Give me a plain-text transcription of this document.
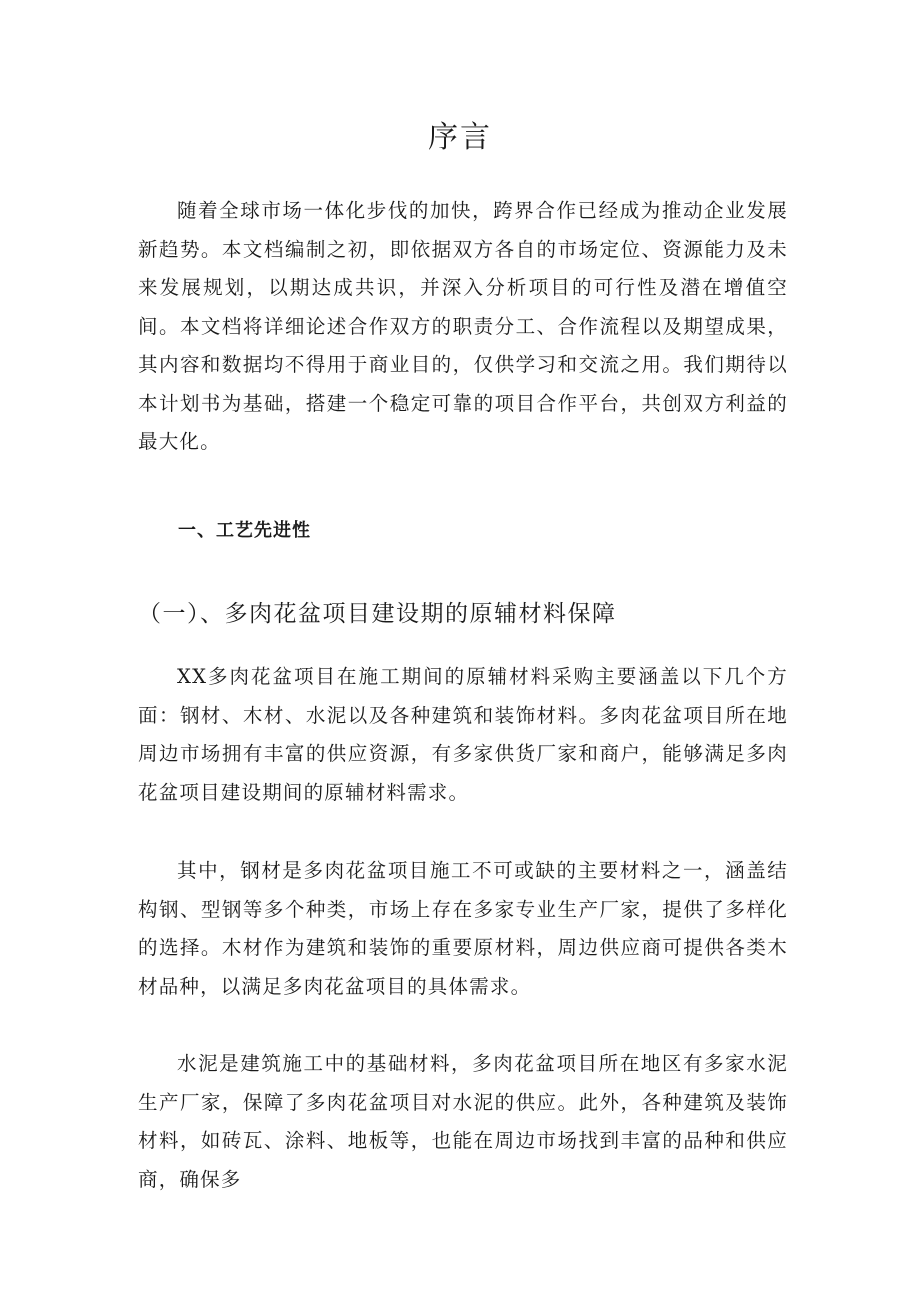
序言

随着全球市场一体化步伐的加快，跨界合作已经成为推动企业发展新趋势。本文档编制之初，即依据双方各自的市场定位、资源能力及未来发展规划，以期达成共识，并深入分析项目的可行性及潜在增值空间。本文档将详细论述合作双方的职责分工、合作流程以及期望成果，其内容和数据均不得用于商业目的，仅供学习和交流之用。我们期待以本计划书为基础，搭建一个稳定可靠的项目合作平台，共创双方利益的最大化。

一、工艺先进性
（一）、多肉花盆项目建设期的原辅材料保障

XX多肉花盆项目在施工期间的原辅材料采购主要涵盖以下几个方面：钢材、木材、水泥以及各种建筑和装饰材料。多肉花盆项目所在地周边市场拥有丰富的供应资源，有多家供货厂家和商户，能够满足多肉花盆项目建设期间的原辅材料需求。

其中，钢材是多肉花盆项目施工不可或缺的主要材料之一，涵盖结构钢、型钢等多个种类，市场上存在多家专业生产厂家，提供了多样化的选择。木材作为建筑和装饰的重要原材料，周边供应商可提供各类木材品种，以满足多肉花盆项目的具体需求。

水泥是建筑施工中的基础材料，多肉花盆项目所在地区有多家水泥生产厂家，保障了多肉花盆项目对水泥的供应。此外，各种建筑及装饰材料，如砖瓦、涂料、地板等，也能在周边市场找到丰富的品种和供应商，确保多
